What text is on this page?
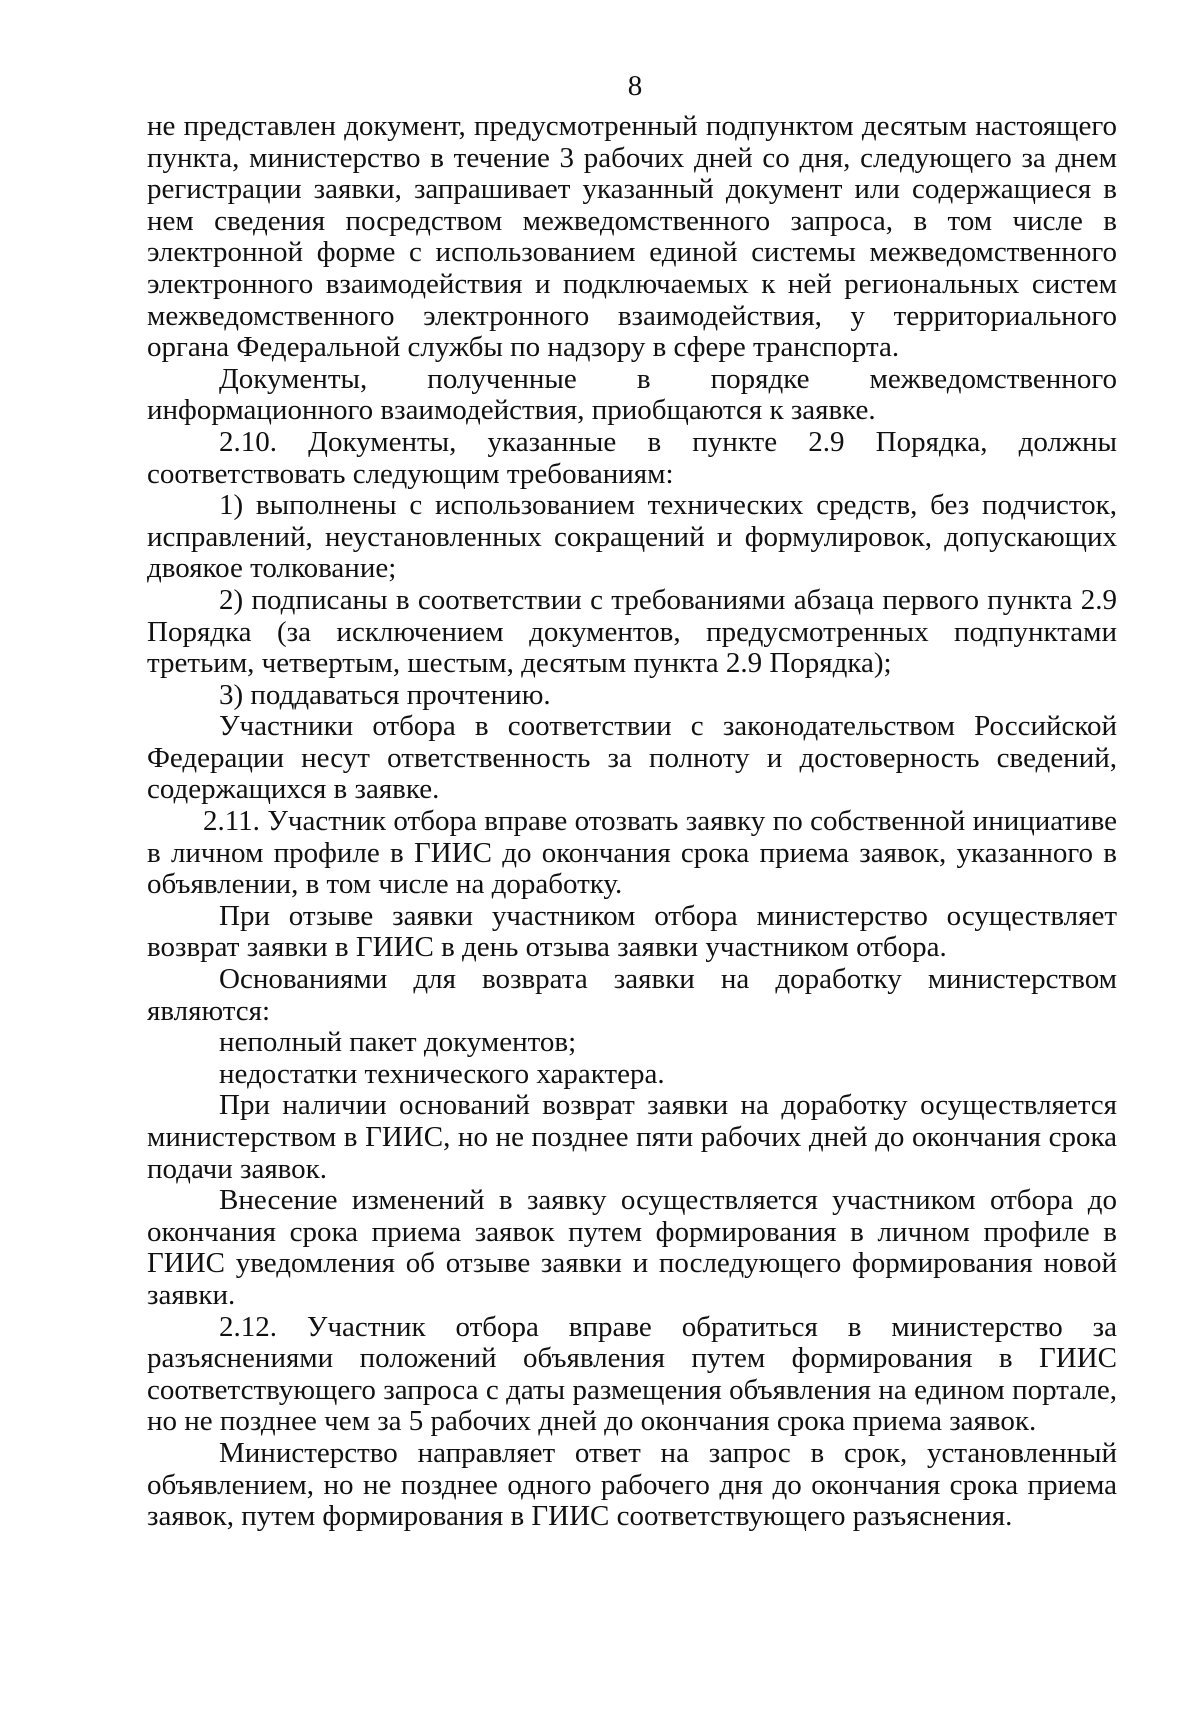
8

не представлен документ, предусмотренный подпунктом десятым настоящего пункта, министерство в течение 3 рабочих дней со дня, следующего за днем регистрации заявки, запрашивает указанный документ или содержащиеся в нем сведения посредством межведомственного запроса, в том числе в электронной форме с использованием единой системы межведомственного электронного взаимодействия и подключаемых к ней региональных систем межведомственного электронного взаимодействия, у территориального органа Федеральной службы по надзору в сфере транспорта.

Документы, полученные в порядке межведомственного информационного взаимодействия, приобщаются к заявке.

2.10. Документы, указанные в пункте 2.9 Порядка, должны соответствовать следующим требованиям:

1) выполнены с использованием технических средств, без подчисток, исправлений, неустановленных сокращений и формулировок, допускающих двоякое толкование;

2) подписаны в соответствии с требованиями абзаца первого пункта 2.9 Порядка (за исключением документов, предусмотренных подпунктами третьим, четвертым, шестым, десятым пункта 2.9 Порядка);

3) поддаваться прочтению.

Участники отбора в соответствии с законодательством Российской Федерации несут ответственность за полноту и достоверность сведений, содержащихся в заявке.

2.11. Участник отбора вправе отозвать заявку по собственной инициативе в личном профиле в ГИИС до окончания срока приема заявок, указанного в объявлении, в том числе на доработку.

При отзыве заявки участником отбора министерство осуществляет возврат заявки в ГИИС в день отзыва заявки участником отбора.

Основаниями для возврата заявки на доработку министерством являются:

неполный пакет документов;

недостатки технического характера.

При наличии оснований возврат заявки на доработку осуществляется министерством в ГИИС, но не позднее пяти рабочих дней до окончания срока подачи заявок.

Внесение изменений в заявку осуществляется участником отбора до окончания срока приема заявок путем формирования в личном профиле в ГИИС уведомления об отзыве заявки и последующего формирования новой заявки.

2.12. Участник отбора вправе обратиться в министерство за разъяснениями положений объявления путем формирования в ГИИС соответствующего запроса с даты размещения объявления на едином портале, но не позднее чем за 5 рабочих дней до окончания срока приема заявок.

Министерство направляет ответ на запрос в срок, установленный объявлением, но не позднее одного рабочего дня до окончания срока приема заявок, путем формирования в ГИИС соответствующего разъяснения.
